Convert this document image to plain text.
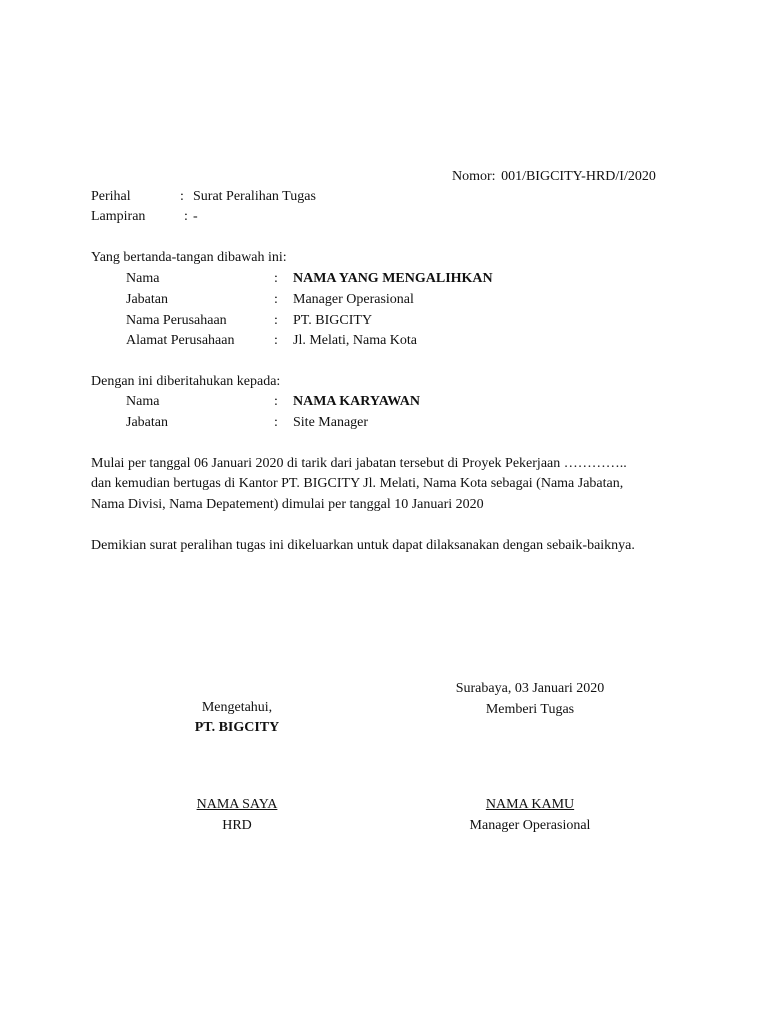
Nomor: 001/BIGCITY-HRD/I/2020
Perihal	: Surat Peralihan Tugas
Lampiran	: -
Yang bertanda-tangan dibawah ini:
Nama	: NAMA YANG MENGALIHKAN
Jabatan	: Manager Operasional
Nama Perusahaan	: PT. BIGCITY
Alamat Perusahaan	: Jl. Melati, Nama Kota
Dengan ini diberitahukan kepada:
Nama	: NAMA KARYAWAN
Jabatan	: Site Manager
Mulai per tanggal 06 Januari 2020 di tarik dari jabatan tersebut di Proyek Pekerjaan …………..
dan kemudian bertugas di Kantor PT. BIGCITY Jl. Melati, Nama Kota sebagai (Nama Jabatan,
Nama Divisi, Nama Depatement) dimulai per tanggal 10 Januari 2020
Demikian surat peralihan tugas ini dikeluarkan untuk dapat dilaksanakan dengan sebaik-baiknya.
Surabaya, 03 Januari 2020
Memberi Tugas
Mengetahui,
PT. BIGCITY
NAMA SAYA
HRD
NAMA KAMU
Manager Operasional
